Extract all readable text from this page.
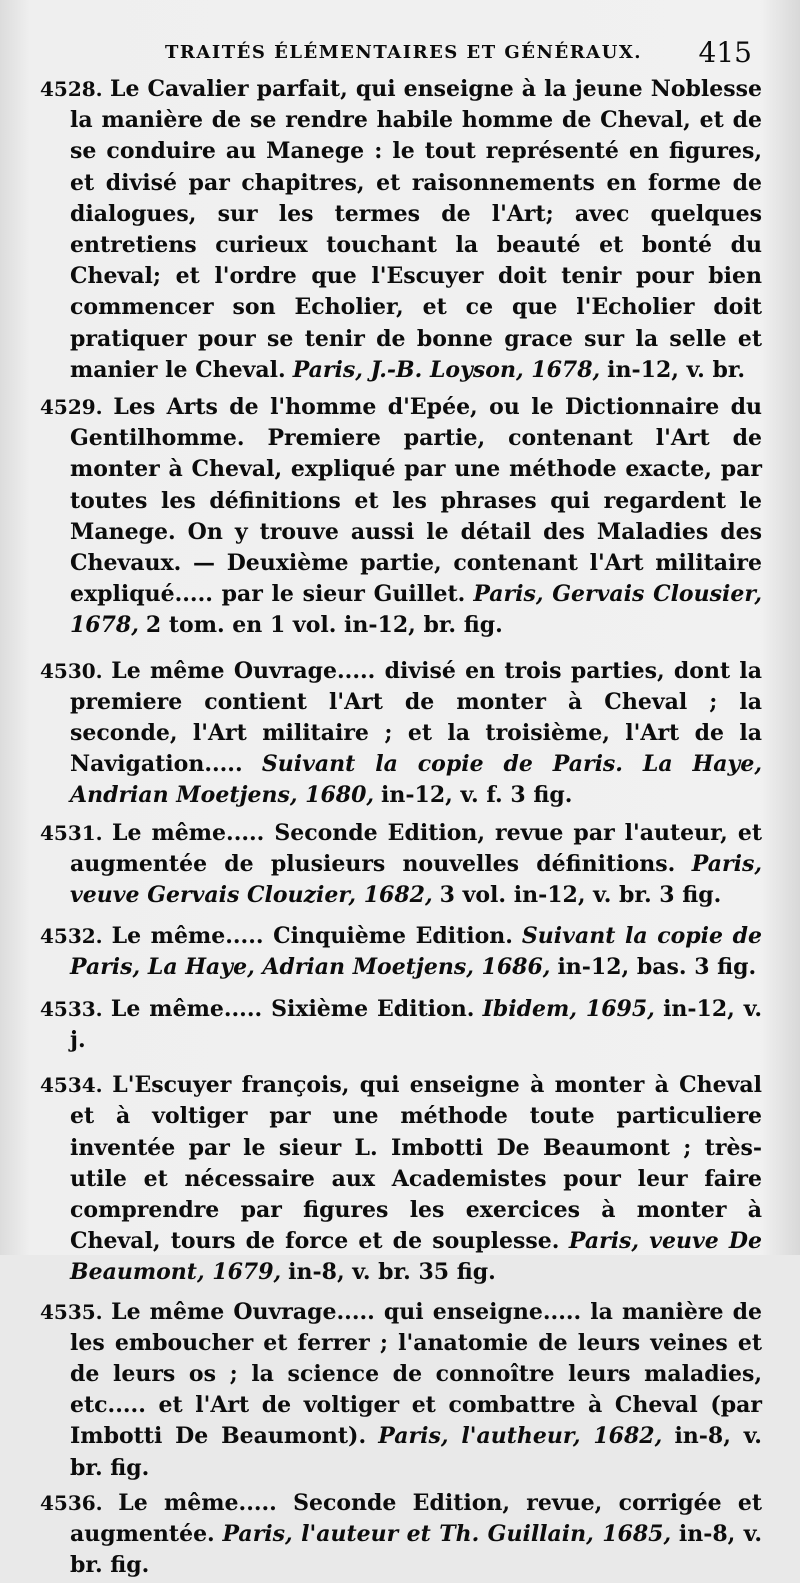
TRAITÉS ÉLÉMENTAIRES ET GÉNÉRAUX. 415

4528. Le Cavalier parfait, qui enseigne à la jeune Noblesse la manière de se rendre habile homme de Cheval, et de se conduire au Manege : le tout représenté en figures, et divisé par chapitres, et raisonnements en forme de dialogues, sur les termes de l'Art; avec quelques entretiens curieux touchant la beauté et bonté du Cheval; et l'ordre que l'Escuyer doit tenir pour bien commencer son Echolier, et ce que l'Echolier doit pratiquer pour se tenir de bonne grace sur la selle et manier le Cheval. Paris, J.-B. Loyson, 1678, in-12, v. br.

4529. Les Arts de l'homme d'Epée, ou le Dictionnaire du Gentilhomme. Premiere partie, contenant l'Art de monter à Cheval, expliqué par une méthode exacte, par toutes les définitions et les phrases qui regardent le Manege. On y trouve aussi le détail des Maladies des Chevaux. — Deuxième partie, contenant l'Art militaire expliqué..... par le sieur Guillet. Paris, Gervais Clousier, 1678, 2 tom. en 1 vol. in-12, br. fig.

4530. Le même Ouvrage..... divisé en trois parties, dont la premiere contient l'Art de monter à Cheval ; la seconde, l'Art militaire ; et la troisième, l'Art de la Navigation..... Suivant la copie de Paris. La Haye, Andrian Moetjens, 1680, in-12, v. f. 3 fig.

4531. Le même..... Seconde Edition, revue par l'auteur, et augmentée de plusieurs nouvelles définitions. Paris, veuve Gervais Clouzier, 1682, 3 vol. in-12, v. br. 3 fig.

4532. Le même..... Cinquième Edition. Suivant la copie de Paris, La Haye, Adrian Moetjens, 1686, in-12, bas. 3 fig.

4533. Le même..... Sixième Edition. Ibidem, 1695, in-12, v. j.

4534. L'Escuyer françois, qui enseigne à monter à Cheval et à voltiger par une méthode toute particuliere inventée par le sieur L. Imbotti De Beaumont ; très-utile et nécessaire aux Academistes pour leur faire comprendre par figures les exercices à monter à Cheval, tours de force et de souplesse. Paris, veuve De Beaumont, 1679, in-8, v. br. 35 fig.

4535. Le même Ouvrage..... qui enseigne..... la manière de les emboucher et ferrer ; l'anatomie de leurs veines et de leurs os ; la science de connoître leurs maladies, etc..... et l'Art de voltiger et combattre à Cheval (par Imbotti De Beaumont). Paris, l'autheur, 1682, in-8, v. br. fig.

4536. Le même..... Seconde Edition, revue, corrigée et augmentée. Paris, l'auteur et Th. Guillain, 1685, in-8, v. br. fig.
